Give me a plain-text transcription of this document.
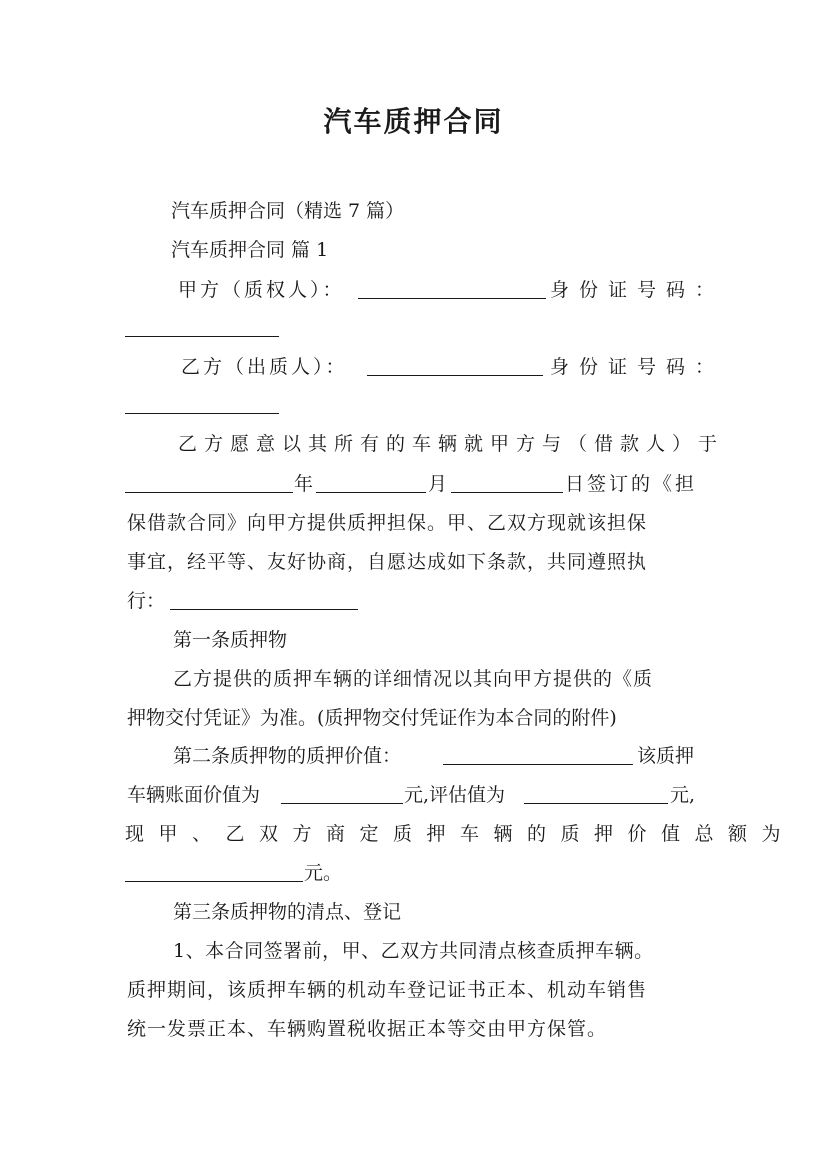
汽车质押合同
汽车质押合同（精选 7 篇）
汽车质押合同 篇 1
甲方（质权人）：	身份证号码：
乙方（出质人）：	身份证号码：
乙方愿意以其所有的车辆就甲方与（借款人）于
年	月	日签订的《担
保借款合同》向甲方提供质押担保。甲、乙双方现就该担保
事宜，经平等、友好协商，自愿达成如下条款，共同遵照执
行：
第一条质押物
乙方提供的质押车辆的详细情况以其向甲方提供的《质
押物交付凭证》为准。(质押物交付凭证作为本合同的附件)
第二条质押物的质押价值：	该质押
车辆账面价值为	元,评估值为	元,
现甲、乙双方商定质押车辆的质押价值总额为
元。
第三条质押物的清点、登记
1、本合同签署前，甲、乙双方共同清点核查质押车辆。
质押期间，该质押车辆的机动车登记证书正本、机动车销售
统一发票正本、车辆购置税收据正本等交由甲方保管。
